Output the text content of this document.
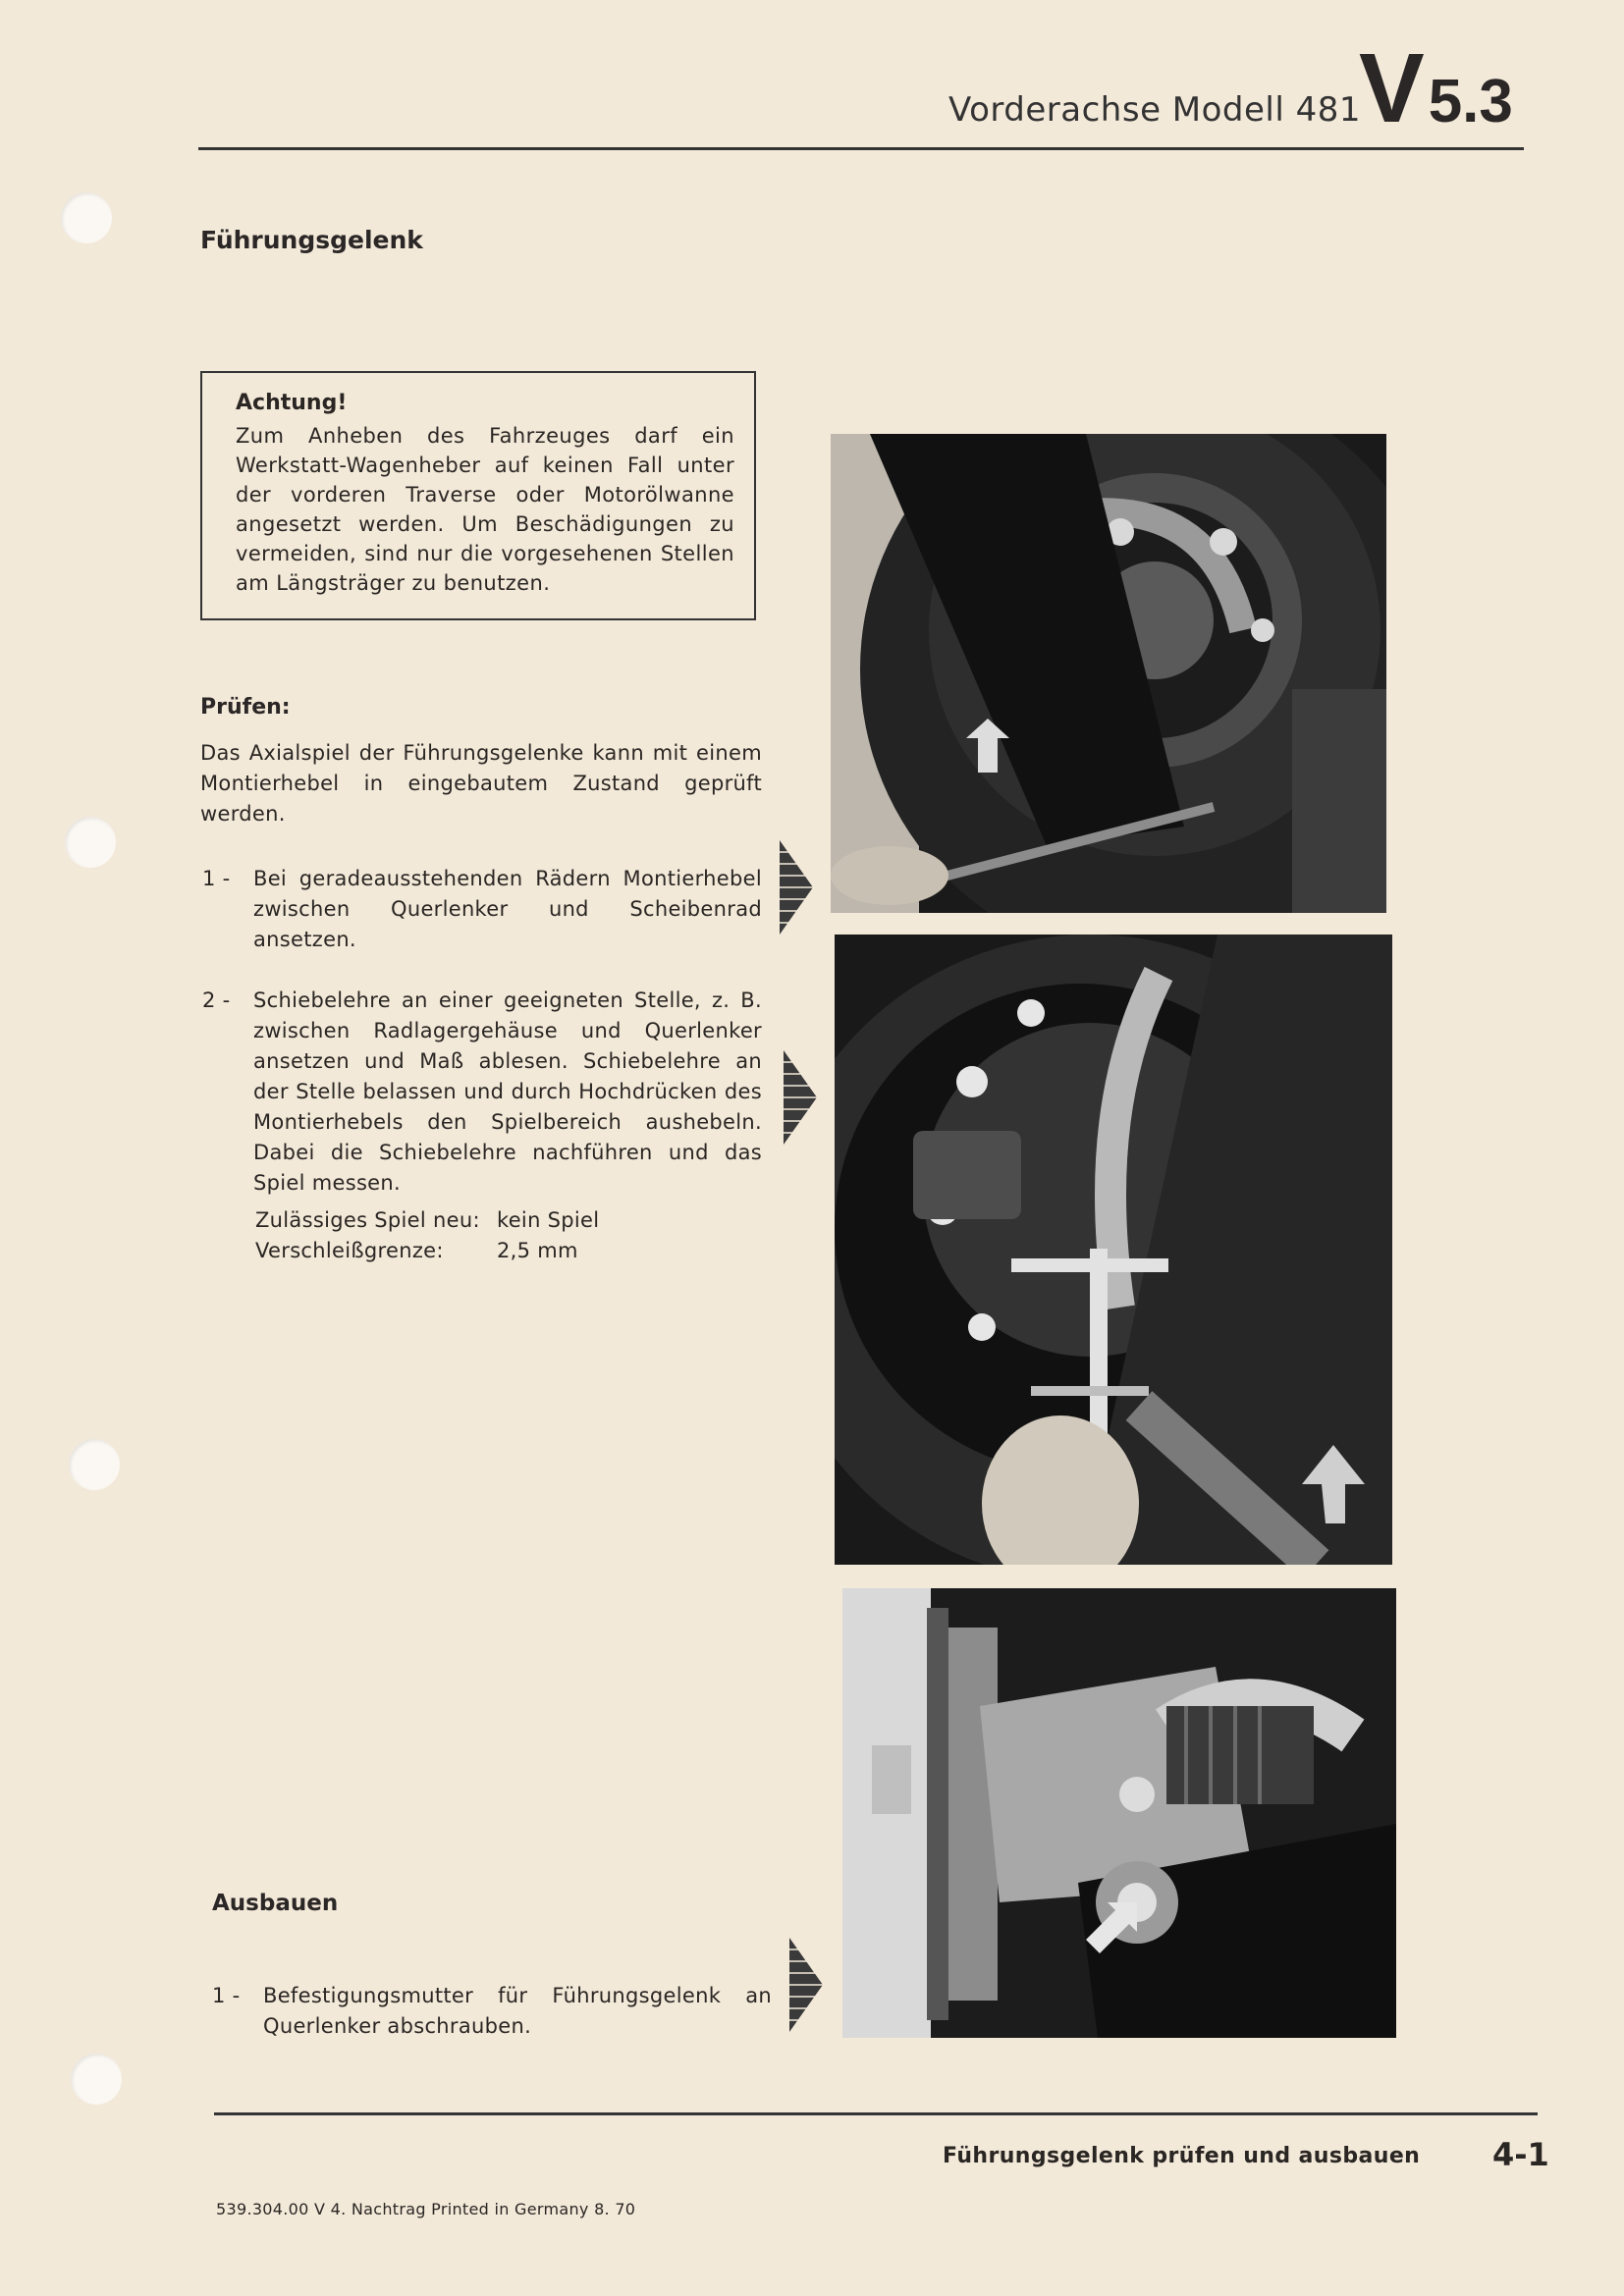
Vorderachse Modell 481
V5.3
Führungsgelenk
Achtung!

Zum Anheben des Fahrzeuges darf ein Werkstatt-Wagenheber auf keinen Fall unter der vorderen Traverse oder Motorölwanne angesetzt werden. Um Beschädigungen zu vermeiden, sind nur die vorgesehenen Stellen am Längsträger zu benutzen.

Prüfen:
Das Axialspiel der Führungsgelenke kann mit einem Montierhebel in eingebautem Zustand geprüft werden.
1 -	Bei geradeausstehenden Rädern Montierhebel zwischen Querlenker und Scheibenrad ansetzen.
2 -	Schiebelehre an einer geeigneten Stelle, z. B. zwischen Radlagergehäuse und Querlenker ansetzen und Maß ablesen. Schiebelehre an der Stelle belassen und durch Hochdrücken des Montierhebels den Spielbereich aushebeln. Dabei die Schiebelehre nachführen und das Spiel messen.
Zulässiges Spiel neu: kein Spiel
Verschleißgrenze:	2,5 mm
Ausbauen
1 -	Befestigungsmutter für Führungsgelenk an Querlenker abschrauben.
Führungsgelenk prüfen und ausbauen 4-1
539.304.00 V 4. Nachtrag Printed in Germany 8. 70
